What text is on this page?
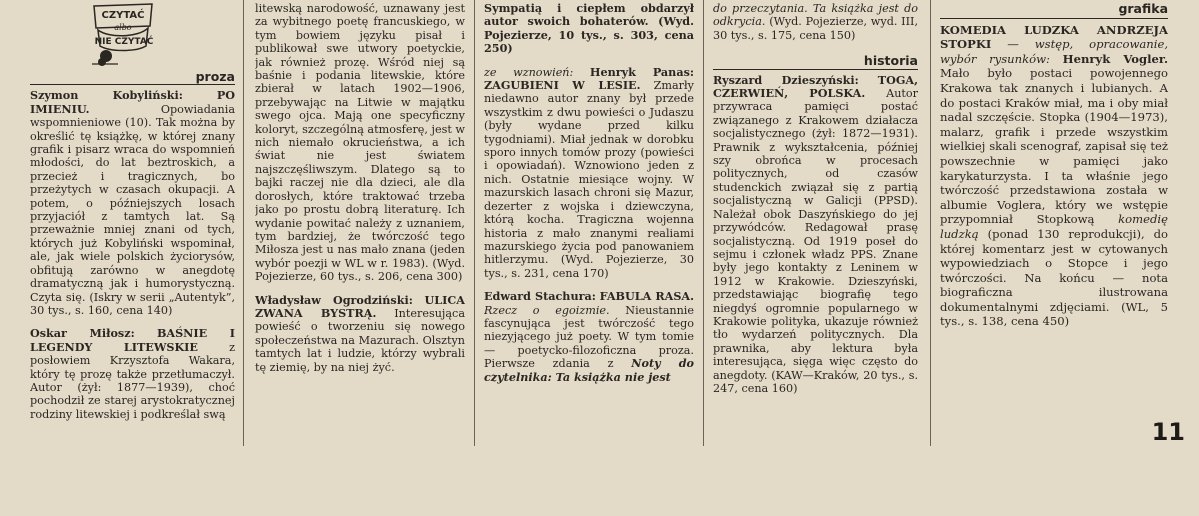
CZYTAĆ
albo
NIE CZYTAĆ
proza

Szymon Kobyliński:	PO IMIENIU.	Opowiadania wspomnieniowe (10). Tak można by określić tę książkę, w której znany grafik i pisarz wraca do wspomnień młodości, do lat beztroskich, a przecież i tragicznych, bo przeżytych w czasach okupacji. A potem, o późniejszych losach przyjaciół z tamtych lat. Są przeważnie mniej znani od tych, których już Kobyliński wspominał, ale, jak wiele polskich życiorysów, obfitują zarówno w anegdotę dramatyczną jak i humorystyczną. Czyta się. (Iskry w serii „Autentyk”, 30 tys., s. 160, cena 140)

Oskar Miłosz: BAŚNIE I LEGENDY LITEWSKIE	z posłowiem Krzysztofa Wakara, który tę prozę także przetłumaczył. Autor (żył: 1877—1939), choć pochodził ze starej arystokratycznej rodziny litewskiej i podkreślał swą

litewską narodowość, uznawany jest za wybitnego poetę francuskiego, w tym bowiem języku pisał i publikował swe utwory poetyckie, jak również prozę. Wśród niej są baśnie i podania litewskie, które zbierał w latach 1902—1906, przebywając na Litwie w majątku swego ojca. Mają one specyficzny koloryt, szczególną atmosferę, jest w nich niemało okrucieństwa, a ich świat nie jest światem najszczęśliwszym. Dlatego są to bajki raczej nie dla dzieci, ale dla dorosłych, które traktować trzeba jako po prostu dobrą literaturę. Ich wydanie powitać należy z uznaniem, tym bardziej, że twórczość tego Miłosza jest u nas mało znana (jeden wybór poezji w WL w r. 1983). (Wyd. Pojezierze, 60 tys., s. 206, cena 300)

Władysław Ogrodziński: ULICA ZWANA BYSTRĄ. Interesująca powieść o tworzeniu się nowego społeczeństwa na Mazurach. Olsztyn tamtych lat i ludzie, którzy wybrali tę ziemię, by na niej żyć.

Sympatią i ciepłem obdarzył autor swoich bohaterów. (Wyd. Pojezierze, 10 tys., s. 303, cena 250)

ze wznowień: Henryk Panas: ZAGUBIENI W LESIE. Zmarły niedawno autor znany był przede wszystkim z dwu powieści o Judaszu (były wydane przed kilku tygodniami). Miał jednak w dorobku sporo innych tomów prozy (powieści i opowiadań). Wznowiono jeden z nich. Ostatnie miesiące wojny. W mazurskich lasach chroni się Mazur, dezerter z wojska i dziewczyna, którą kocha. Tragiczna wojenna historia z mało znanymi realiami mazurskiego życia pod panowaniem hitlerzymu. (Wyd. Pojezierze, 30 tys., s. 231, cena 170)

Edward Stachura: FABULA RASA. Rzecz o egoizmie. Nieustannie fascynująca jest twórczość tego niezyjącego już poety. W tym tomie — poetycko-filozoficzna proza. Pierwsze zdania z Noty do czytelnika: Ta książka nie jest

do przeczytania. Ta książka jest do odkrycia. (Wyd. Pojezierze, wyd. III, 30 tys., s. 175, cena 150)

historia

Ryszard Dzieszyński: TOGA, CZERWIEŃ, POLSKA. Autor przywraca pamięci postać związanego z Krakowem działacza socjalistycznego (żył: 1872—1931). Prawnik z wykształcenia, później szy obrońca w procesach politycznych, od czasów studenckich związał się z partią socjalistyczną w Galicji (PPSD). Należał obok Daszyńskiego do jej przywódców. Redagował prasę socjalistyczną. Od 1919 poseł do sejmu i członek władz PPS. Znane były jego kontakty z Leninem w 1912 w Krakowie. Dzieszyński, przedstawiając biografię tego niegdyś ogromnie popularnego w Krakowie polityka, ukazuje również tło wydarzeń politycznych. Dla prawnika, aby lektura była interesująca, sięga więc często do anegdoty. (KAW—Kraków, 20 tys., s. 247, cena 160)

grafika

KOMEDIA LUDZKA ANDRZEJA STOPKI — wstęp, opracowanie, wybór rysunków: Henryk Vogler. Mało było postaci powojennego Krakowa tak znanych i lubianych. A do postaci Kraków miał, ma i oby miał nadal szczęście. Stopka (1904—1973), malarz, grafik i przede wszystkim wielkiej skali scenograf, zapisał się też powszechnie w pamięci jako karykaturzysta. I ta właśnie jego twórczość przedstawiona została w albumie Voglera, który we wstępie przypomniał Stopkową komedię ludzką (ponad 130 reprodukcji), do której komentarz jest w cytowanych wypowiedziach o Stopce i jego twórczości. Na końcu — nota biograficzna ilustrowana dokumentalnymi zdjęciami. (WL, 5 tys., s. 138, cena 450)

11
